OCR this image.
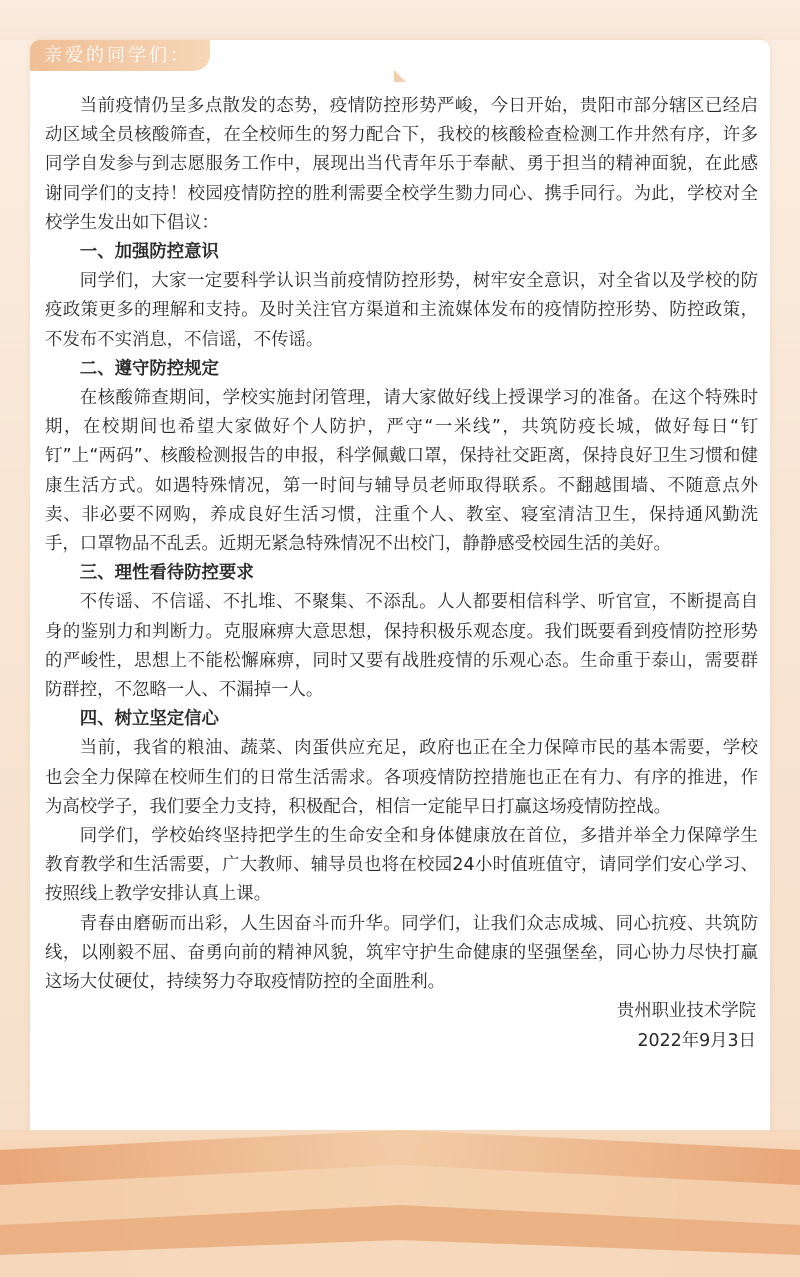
亲爱的同学们：

当前疫情仍呈多点散发的态势，疫情防控形势严峻，今日开始，贵阳市部分辖区已经启动区域全员核酸筛查，在全校师生的努力配合下，我校的核酸检查检测工作井然有序，许多同学自发参与到志愿服务工作中，展现出当代青年乐于奉献、勇于担当的精神面貌，在此感谢同学们的支持！校园疫情防控的胜利需要全校学生勠力同心、携手同行。为此，学校对全校学生发出如下倡议：

一、加强防控意识

同学们，大家一定要科学认识当前疫情防控形势，树牢安全意识，对全省以及学校的防疫政策更多的理解和支持。及时关注官方渠道和主流媒体发布的疫情防控形势、防控政策，不发布不实消息，不信谣，不传谣。

二、遵守防控规定

在核酸筛查期间，学校实施封闭管理，请大家做好线上授课学习的准备。在这个特殊时期，在校期间也希望大家做好个人防护，严守“一米线”，共筑防疫长城，做好每日“钉钉”上“两码”、核酸检测报告的申报，科学佩戴口罩，保持社交距离，保持良好卫生习惯和健康生活方式。如遇特殊情况，第一时间与辅导员老师取得联系。不翻越围墙、不随意点外卖、非必要不网购，养成良好生活习惯，注重个人、教室、寝室清洁卫生，保持通风勤洗手，口罩物品不乱丢。近期无紧急特殊情况不出校门，静静感受校园生活的美好。

三、理性看待防控要求

不传谣、不信谣、不扎堆、不聚集、不添乱。人人都要相信科学、听官宣，不断提高自身的鉴别力和判断力。克服麻痹大意思想，保持积极乐观态度。我们既要看到疫情防控形势的严峻性，思想上不能松懈麻痹，同时又要有战胜疫情的乐观心态。生命重于泰山，需要群防群控，不忽略一人、不漏掉一人。

四、树立坚定信心

当前，我省的粮油、蔬菜、肉蛋供应充足，政府也正在全力保障市民的基本需要，学校也会全力保障在校师生们的日常生活需求。各项疫情防控措施也正在有力、有序的推进，作为高校学子，我们要全力支持，积极配合，相信一定能早日打赢这场疫情防控战。

同学们，学校始终坚持把学生的生命安全和身体健康放在首位，多措并举全力保障学生教育教学和生活需要，广大教师、辅导员也将在校园24小时值班值守，请同学们安心学习、按照线上教学安排认真上课。

青春由磨砺而出彩，人生因奋斗而升华。同学们，让我们众志成城、同心抗疫、共筑防线，以刚毅不屈、奋勇向前的精神风貌，筑牢守护生命健康的坚强堡垒，同心协力尽快打赢这场大仗硬仗，持续努力夺取疫情防控的全面胜利。

贵州职业技术学院

2022年9月3日
